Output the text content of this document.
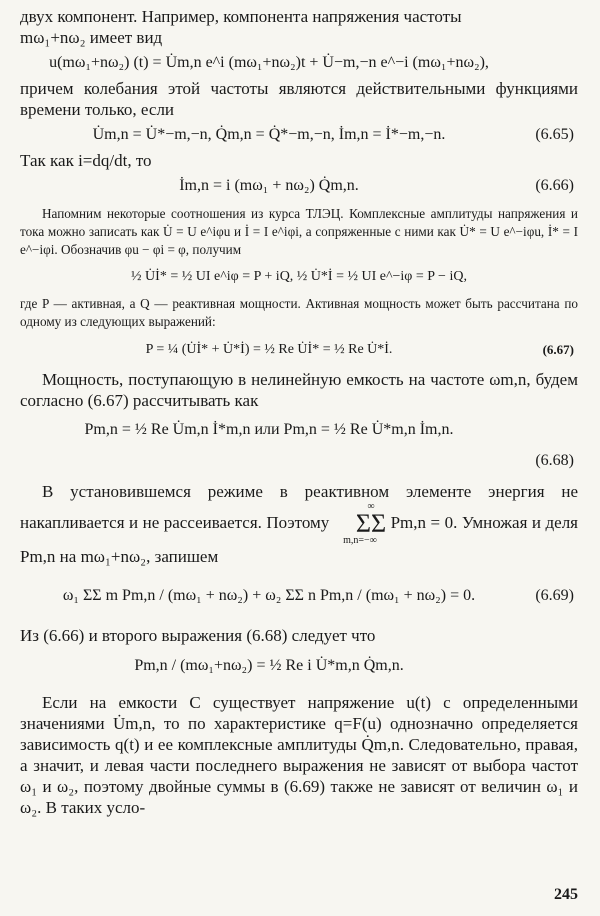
двух компонент. Например, компонента напряжения частоты

mω₁+nω₂ имеет вид

u(mω₁+nω₂) (t) = U̇m,n e^i (mω₁+nω₂)t + U̇−m,−n e^−i (mω₁+nω₂),

причем колебания этой частоты являются действительными функциями времени только, если

U̇m,n = U̇*−m,−n, Q̇m,n = Q̇*−m,−n, İm,n = İ*−m,−n.	(6.65)

Так как i=dq/dt, то

İm,n = i (mω₁ + nω₂) Q̇m,n.	(6.66)

Напомним некоторые соотношения из курса ТЛЭЦ. Комплексные амплитуды напряжения и тока можно записать как U̇ = U e^iφu и İ = I e^iφi, а сопряженные с ними как U̇* = U e^−iφu, İ* = I e^−iφi. Обозначив φu − φi = φ, получим

½ U̇İ* = ½ UI e^iφ = P + iQ, ½ U̇*İ = ½ UI e^−iφ = P − iQ,

где P — активная, а Q — реактивная мощности. Активная мощность может быть рассчитана по одному из следующих выражений:

P = ¼ (U̇İ* + U̇*İ) = ½ Re U̇İ* = ½ Re U̇*İ.	(6.67)

Мощность, поступающую в нелинейную емкость на частоте ωm,n, будем согласно (6.67) рассчитывать как

Pm,n = ½ Re U̇m,n İ*m,n или Pm,n = ½ Re U̇*m,n İm,n.
(6.68)

В установившемся режиме в реактивном элементе энергия не накапливается и не рассеивается. Поэтому ∞
ΣΣ
m,n=−∞ Pm,n = 0. Умножая и деля Pm,n на mω₁+nω₂, запишем

ω₁ ΣΣ m Pm,n / (mω₁ + nω₂) + ω₂ ΣΣ n Pm,n / (mω₁ + nω₂) = 0.	(6.69)

Из (6.66) и второго выражения (6.68) следует что

Pm,n / (mω₁+nω₂) = ½ Re i U̇*m,n Q̇m,n.

Если на емкости C существует напряжение u(t) с определенными значениями U̇m,n, то по характеристике q=F(u) однозначно определяется зависимость q(t) и ее комплексные амплитуды Q̇m,n. Следовательно, правая, а значит, и левая части последнего выражения не зависят от выбора частот ω₁ и ω₂, поэтому двойные суммы в (6.69) также не зависят от величин ω₁ и ω₂. В таких усло-

245
